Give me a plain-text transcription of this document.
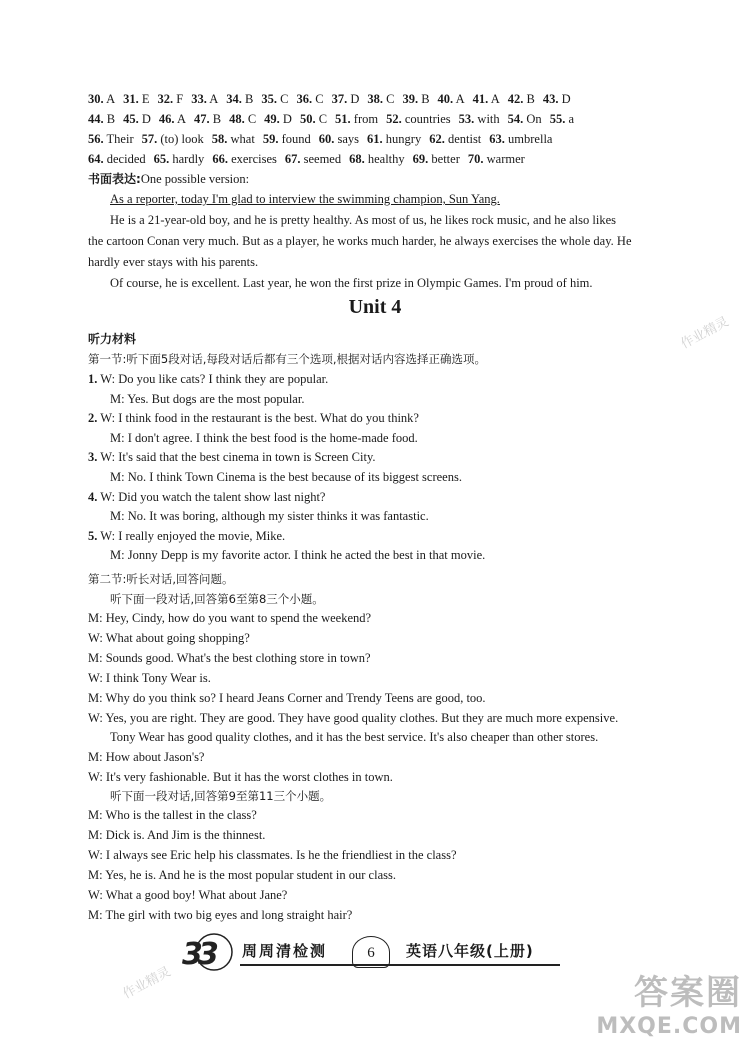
30. A 31. E 32. F 33. A 34. B 35. C 36. C 37. D 38. C 39. B 40. A 41. A 42. B 43. D
44. B 45. D 46. A 47. B 48. C 49. D 50. C 51. from 52. countries 53. with 54. On 55. a
56. Their 57. (to) look 58. what 59. found 60. says 61. hungry 62. dentist 63. umbrella
64. decided 65. hardly 66. exercises 67. seemed 68. healthy 69. better 70. warmer
书面表达:One possible version:
As a reporter, today I'm glad to interview the swimming champion, Sun Yang.
He is a 21-year-old boy, and he is pretty healthy. As most of us, he likes rock music, and he also likes
the cartoon Conan very much. But as a player, he works much harder, he always exercises the whole day. He
hardly ever stays with his parents.
Of course, he is excellent. Last year, he won the first prize in Olympic Games. I'm proud of him.
Unit 4
听力材料
第一节:听下面5段对话,每段对话后都有三个选项,根据对话内容选择正确选项。
1. W: Do you like cats? I think they are popular.
M: Yes. But dogs are the most popular.
2. W: I think food in the restaurant is the best. What do you think?
M: I don't agree. I think the best food is the home-made food.
3. W: It's said that the best cinema in town is Screen City.
M: No. I think Town Cinema is the best because of its biggest screens.
4. W: Did you watch the talent show last night?
M: No. It was boring, although my sister thinks it was fantastic.
5. W: I really enjoyed the movie, Mike.
M: Jonny Depp is my favorite actor. I think he acted the best in that movie.
第二节:听长对话,回答问题。
听下面一段对话,回答第6至第8三个小题。
M: Hey, Cindy, how do you want to spend the weekend?
W: What about going shopping?
M: Sounds good. What's the best clothing store in town?
W: I think Tony Wear is.
M: Why do you think so? I heard Jeans Corner and Trendy Teens are good, too.
W: Yes, you are right. They are good. They have good quality clothes. But they are much more expensive.
Tony Wear has good quality clothes, and it has the best service. It's also cheaper than other stores.
M: How about Jason's?
W: It's very fashionable. But it has the worst clothes in town.
听下面一段对话,回答第9至第11三个小题。
M: Who is the tallest in the class?
M: Dick is. And Jim is the thinnest.
W: I always see Eric help his classmates. Is he the friendliest in the class?
M: Yes, he is. And he is the most popular student in our class.
W: What a good boy! What about Jane?
M: The girl with two big eyes and long straight hair?
作业精灵
作业精灵
3
3 周周清检测	6	英语八年级(上册)
答案圈
MXQE.COM
